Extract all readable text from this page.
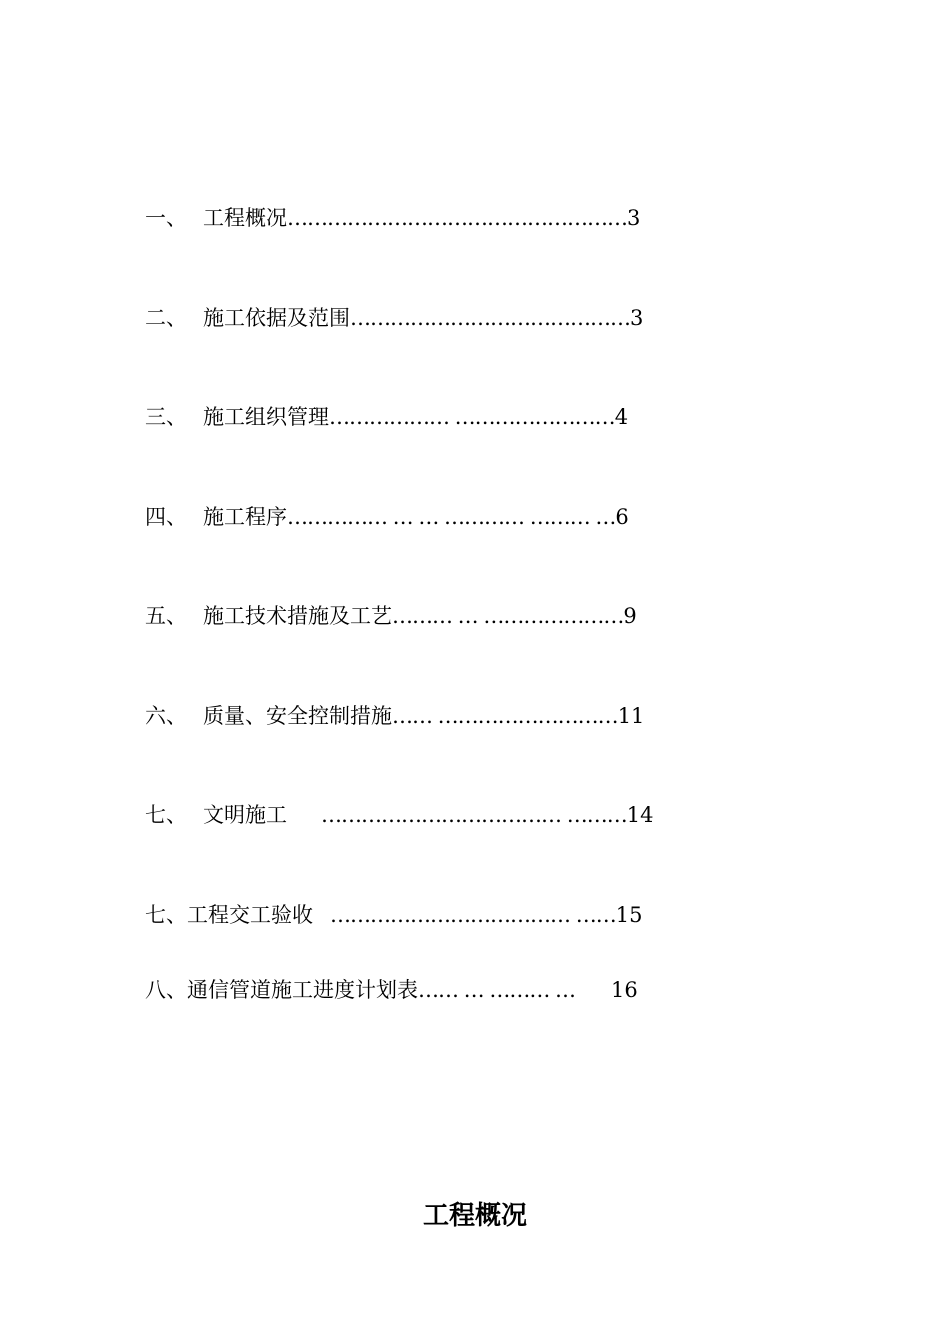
一、 工程概况……………………………………………3
二、 施工依据及范围……………………………………3
三、 施工组织管理……………… ……………………4
四、 施工程序…………… … … ………… ……… …6
五、 施工技术措施及工艺……… … …………………9
六、 质量、安全控制措施…… ………………………11
七、 文明施工      ……………………………… ………14
七、工程交工验收   ……………………………… ……15
八、通信管道施工进度计划表…… … ……… … 16
工程概况
